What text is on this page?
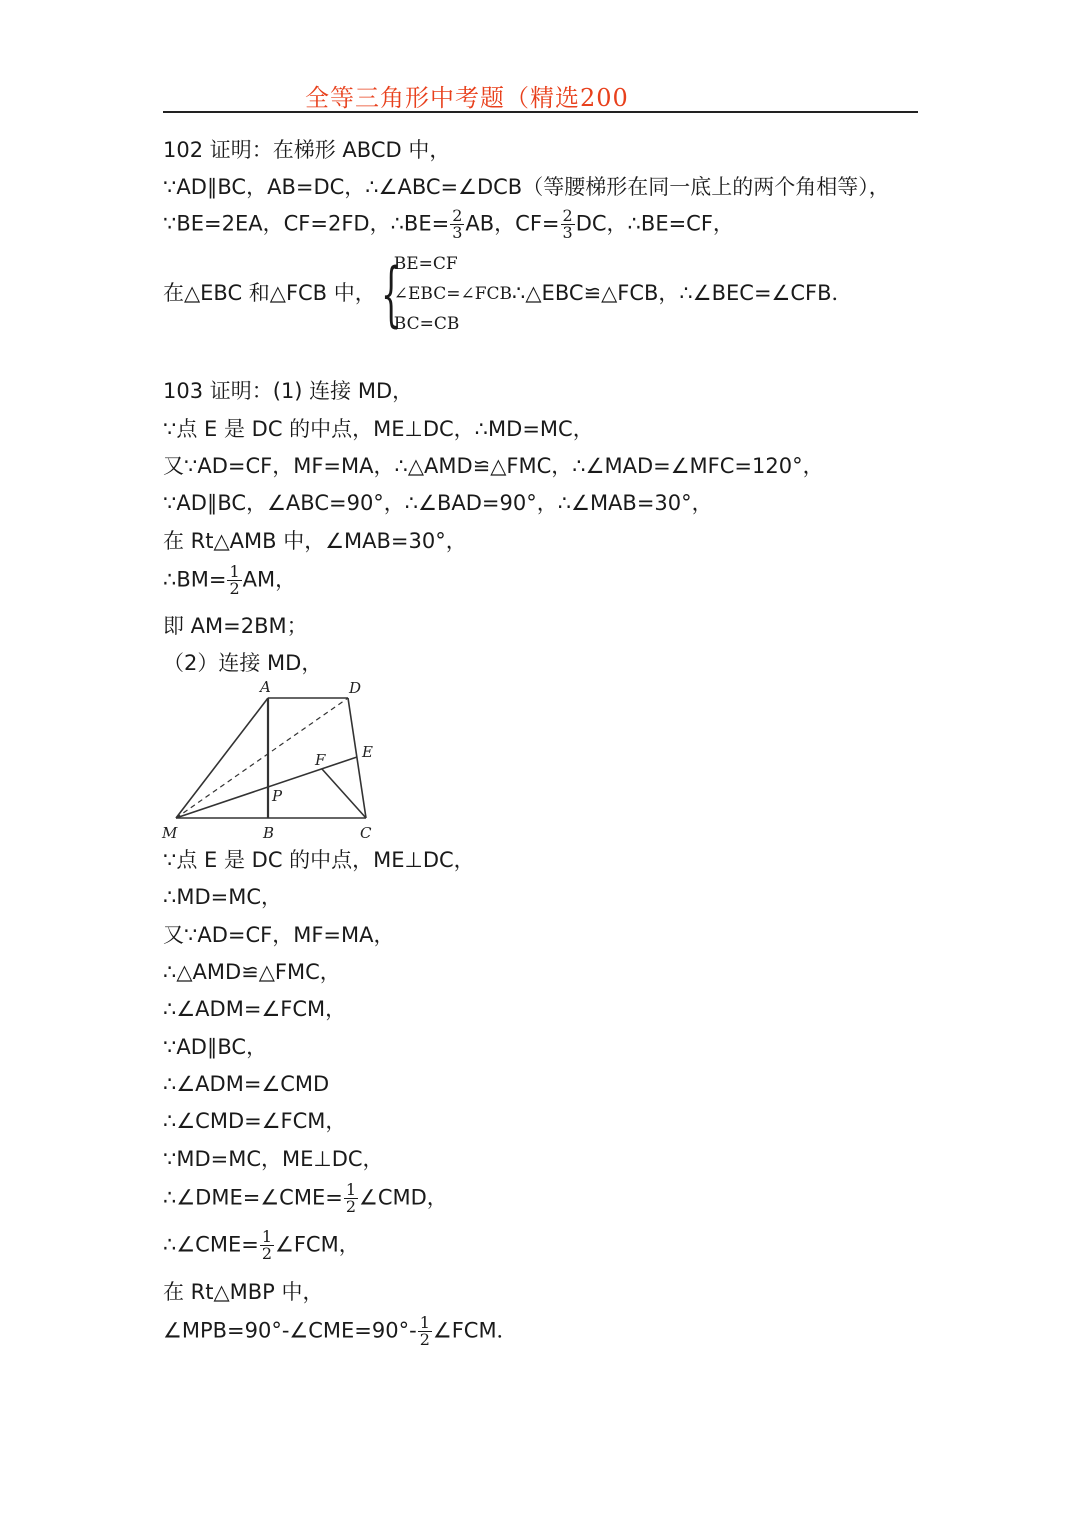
全等三角形中考题（精选200
102 证明：在梯形 ABCD 中，
∵AD∥BC，AB=DC，∴∠ABC=∠DCB（等腰梯形在同一底上的两个角相等），
∵BE=2EA，CF=2FD，∴BE= $\frac{2}{3}$ AB，$CF= \frac{2}{3}$ DC，∴BE=CF，
在△EBC 和△FCB 中， {
BE=CF
∠EBC=∠FCB
BC=CB
∴△EBC≌△FCB，∴∠BEC=∠CFB．
103 证明：(1) 连接 MD，
∵点 E 是 DC 的中点，ME⊥DC，∴MD=MC，
又∵AD=CF，MF=MA，∴△AMD≌△FMC，∴∠MAD=∠MFC=120°，
∵AD∥BC，∠ABC=90°，∴∠BAD=90°，∴∠MAB=30°，
在 Rt△AMB 中，∠MAB=30°，
∴BM= $\frac{1}{2}$ AM，
即 AM=2BM；
（2）连接 MD，
A	D
E
F
P
M	B	C
∵点 E 是 DC 的中点，ME⊥DC，
∴MD=MC，
又∵AD=CF，MF=MA，
∴△AMD≌△FMC，
∴∠ADM=∠FCM，
∵AD∥BC，
∴∠ADM=∠CMD
∴∠CMD=∠FCM，
∵MD=MC，ME⊥DC，
∴∠DME=∠CME= $\frac{1}{2}$ ∠CMD，
∴∠CME= $\frac{1}{2}$ ∠FCM，
在 Rt△MBP 中，
∠MPB=90°-∠CME=90°- $\frac{1}{2}$ ∠FCM．
